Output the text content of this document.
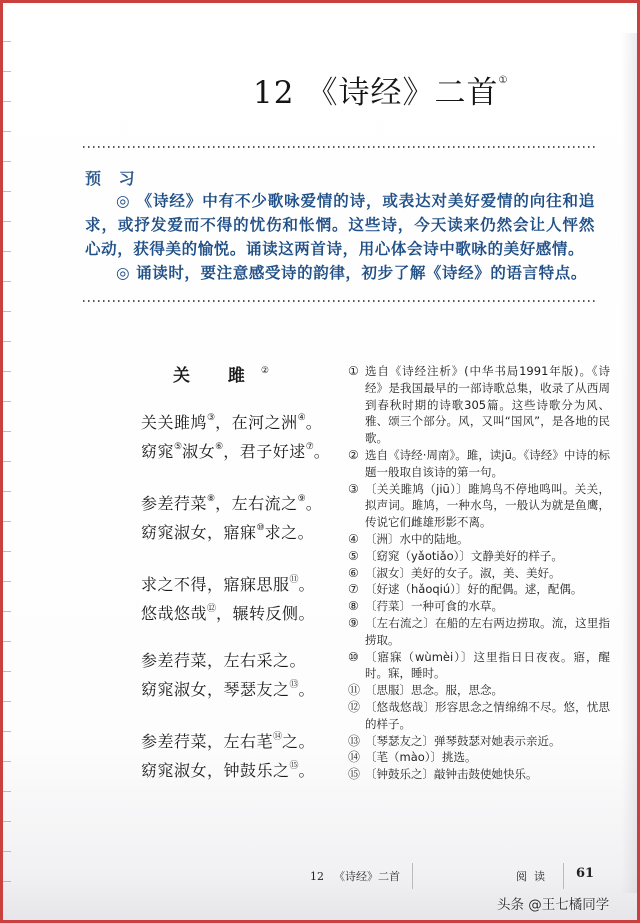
12 《诗经》二首①
预 习

◎ 《诗经》中有不少歌咏爱情的诗，或表达对美好爱情的向往和追求，或抒发爱而不得的忧伤和怅惘。这些诗，今天读来仍然会让人怦然心动，获得美的愉悦。诵读这两首诗，用心体会诗中歌咏的美好感情。

◎ 诵读时，要注意感受诗的韵律，初步了解《诗经》的语言特点。

关 雎②
关关雎鸠③，在河之洲④。
窈窕⑤淑女⑥，君子好逑⑦。
参差荇菜⑧，左右流之⑨。
窈窕淑女，寤寐⑩求之。
求之不得，寤寐思服⑪。
悠哉悠哉⑫，辗转反侧。
参差荇菜，左右采之。
窈窕淑女，琴瑟友之⑬。
参差荇菜，左右芼⑭之。
窈窕淑女，钟鼓乐之⑮。
① 选自《诗经注析》(中华书局1991年版)。《诗经》是我国最早的一部诗歌总集，收录了从西周到春秋时期的诗歌305篇。这些诗歌分为风、雅、颂三个部分。风，又叫“国风”，是各地的民歌。
② 选自《诗经·周南》。雎，读jū。《诗经》中诗的标题一般取自该诗的第一句。
③ 〔关关雎鸠（jiū）〕雎鸠鸟不停地鸣叫。关关，拟声词。雎鸠，一种水鸟，一般认为就是鱼鹰，传说它们雌雄形影不离。
④ 〔洲〕水中的陆地。
⑤ 〔窈窕（yǎotiǎo）〕文静美好的样子。
⑥ 〔淑女〕美好的女子。淑，美、美好。
⑦ 〔好逑（hǎoqiú）〕好的配偶。逑，配偶。
⑧ 〔荇菜〕一种可食的水草。
⑨ 〔左右流之〕在船的左右两边捞取。流，这里指捞取。
⑩ 〔寤寐（wùmèi）〕这里指日日夜夜。寤，醒时。寐，睡时。
⑪ 〔思服〕思念。服，思念。
⑫ 〔悠哉悠哉〕形容思念之情绵绵不尽。悠，忧思的样子。
⑬ 〔琴瑟友之〕弹琴鼓瑟对她表示亲近。
⑭ 〔芼（mào）〕挑选。
⑮ 〔钟鼓乐之〕敲钟击鼓使她快乐。
12 《诗经》二首	阅读 61
头条 @王七橘同学
